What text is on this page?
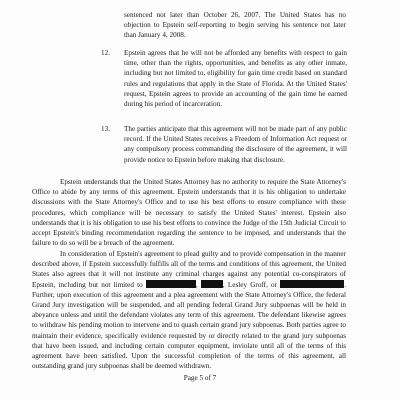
sentenced not later than October 26, 2007. The United States has no objection to Epstein self-reporting to begin serving his sentence not later than January 4, 2008.

12. Epstein agrees that he will not be afforded any benefits with respect to gain time, other than the rights, opportunities, and benefits as any other inmate, including but not limited to, eligibility for gain time credit based on standard rules and regulations that apply in the State of Florida. At the United States' request, Epstein agrees to provide an accounting of the gain time he earned during his period of incarceration.
13. The parties anticipate that this agreement will not be made part of any public record. If the United States receives a Freedom of Information Act request or any compulsory process commanding the disclosure of the agreement, it will provide notice to Epstein before making that disclosure.

Epstein understands that the United States Attorney has no authority to require the State Attorney's Office to abide by any terms of this agreement. Epstein understands that it is his obligation to undertake discussions with the State Attorney's Office and to use his best efforts to ensure compliance with these procedures, which compliance will be necessary to satisfy the United States' interest. Epstein also understands that it is his obligation to use his best efforts to convince the Judge of the 15th Judicial Circuit to accept Epstein's binding recommendation regarding the sentence to be imposed, and understands that the failure to do so will be a breach of the agreement.

In consideration of Epstein's agreement to plead guilty and to provide compensation in the manner described above, if Epstein successfully fulfills all of the terms and conditions of this agreement, the United States also agrees that it will not institute any criminal charges against any potential co-conspirators of Epstein, including but not limited to	,	, Lesley Groff, or	. Further, upon execution of this agreement and a plea agreement with the State Attorney's Office, the federal Grand Jury investigation will be suspended, and all pending federal Grand Jury subpoenas will be held in abeyance unless and until the defendant violates any term of this agreement. The defendant likewise agrees to withdraw his pending motion to intervene and to quash certain grand jury subpoenas. Both parties agree to maintain their evidence, specifically evidence requested by or directly related to the grand jury subpoenas that have been issued, and including certain computer equipment, inviolate until all of the terms of this agreement have been satisfied. Upon the successful completion of the terms of this agreement, all outstanding grand jury subpoenas shall be deemed withdrawn.

Page 5 of 7
